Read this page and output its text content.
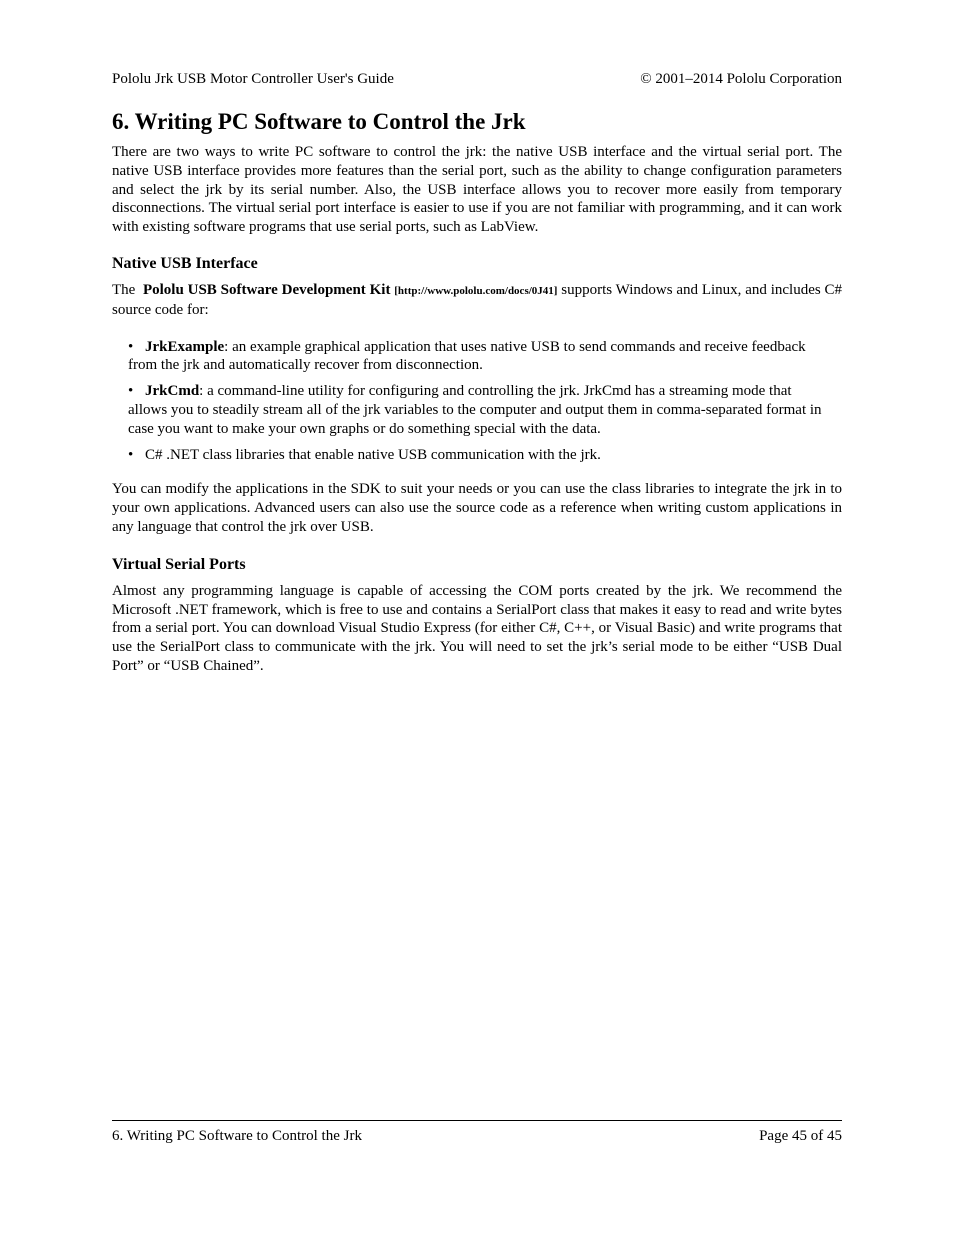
Pololu Jrk USB Motor Controller User's Guide	© 2001–2014 Pololu Corporation
6. Writing PC Software to Control the Jrk

There are two ways to write PC software to control the jrk: the native USB interface and the virtual serial port. The native USB interface provides more features than the serial port, such as the ability to change configuration parameters and select the jrk by its serial number. Also, the USB interface allows you to recover more easily from temporary disconnections. The virtual serial port interface is easier to use if you are not familiar with programming, and it can work with existing software programs that use serial ports, such as LabView.

Native USB Interface

The Pololu USB Software Development Kit [http://www.pololu.com/docs/0J41] supports Windows and Linux, and includes C# source code for:

• JrkExample: an example graphical application that uses native USB to send commands and receive feedback from the jrk and automatically recover from disconnection.
• JrkCmd: a command-line utility for configuring and controlling the jrk. JrkCmd has a streaming mode that allows you to steadily stream all of the jrk variables to the computer and output them in comma-separated format in case you want to make your own graphs or do something special with the data.
• C# .NET class libraries that enable native USB communication with the jrk.

You can modify the applications in the SDK to suit your needs or you can use the class libraries to integrate the jrk in to your own applications. Advanced users can also use the source code as a reference when writing custom applications in any language that control the jrk over USB.

Virtual Serial Ports

Almost any programming language is capable of accessing the COM ports created by the jrk. We recommend the Microsoft .NET framework, which is free to use and contains a SerialPort class that makes it easy to read and write bytes from a serial port. You can download Visual Studio Express (for either C#, C++, or Visual Basic) and write programs that use the SerialPort class to communicate with the jrk. You will need to set the jrk’s serial mode to be either “USB Dual Port” or “USB Chained”.

6. Writing PC Software to Control the Jrk	Page 45 of 45
